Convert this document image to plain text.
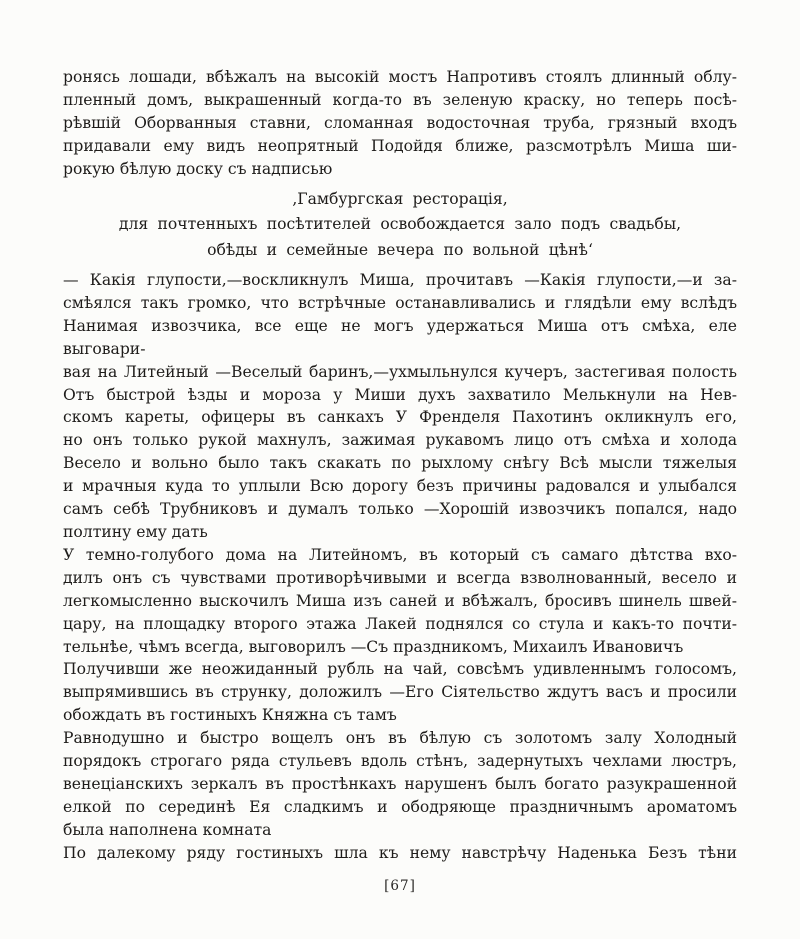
ронясь лошади, вбѣжалъ на высокій мостъ Напротивъ стоялъ длинный облу-
пленный домъ, выкрашенный когда-то въ зеленую краску, но теперь посѣ-
рѣвшій Оборванныя ставни, сломанная водосточная труба, грязный входъ
придавали ему видъ неопрятный Подойдя ближе, разсмотрѣлъ Миша ши-
рокую бѣлую доску съ надписью
‚Гамбургская ресторація,
для почтенныхъ посѣтителей освобождается зало подъ свадьбы,
обѣды и семейные вечера по вольной цѣнѣ‘
— Какія глупости,—воскликнулъ Миша, прочитавъ —Какія глупости,—и за-
смѣялся такъ громко, что встрѣчные останавливались и глядѣли ему вслѣдъ
Нанимая извозчика, все еще не могъ удержаться Миша отъ смѣха, еле выговари-
вая на Литейный —Веселый баринъ,—ухмыльнулся кучеръ, застегивая полость
Отъ быстрой ѣзды и мороза у Миши духъ захватило Мелькнули на Нев-
скомъ кареты, офицеры въ санкахъ У Френделя Пахотинъ окликнулъ его,
но онъ только рукой махнулъ, зажимая рукавомъ лицо отъ смѣха и холода
Весело и вольно было такъ скакать по рыхлому снѣгу Всѣ мысли тяжелыя
и мрачныя куда то уплыли Всю дорогу безъ причины радовался и улыбался
самъ себѣ Трубниковъ и думалъ только —Хорошій извозчикъ попался, надо
полтину ему дать
У темно-голубого дома на Литейномъ, въ который съ самаго дѣтства вхо-
дилъ онъ съ чувствами противорѣчивыми и всегда взволнованный, весело и
легкомысленно выскочилъ Миша изъ саней и вбѣжалъ, бросивъ шинель швей-
цару, на площадку второго этажа Лакей поднялся со стула и какъ-то почти-
тельнѣе, чѣмъ всегда, выговорилъ —Съ праздникомъ, Михаилъ Ивановичъ
Получивши же неожиданный рубль на чай, совсѣмъ удивленнымъ голосомъ,
выпрямившись въ струнку, доложилъ —Его Сіятельство ждутъ васъ и просили
обождать въ гостиныхъ Княжна съ тамъ
Равнодушно и быстро вощелъ онъ въ бѣлую съ золотомъ залу Холодный
порядокъ строгаго ряда стульевъ вдоль стѣнъ, задернутыхъ чехлами люстръ,
венеціанскихъ зеркалъ въ простѣнкахъ нарушенъ былъ богато разукрашенной
елкой по серединѣ Ея сладкимъ и ободряюще праздничнымъ ароматомъ
была наполнена комната
По далекому ряду гостиныхъ шла къ нему навстрѣчу Наденька Безъ тѣни
[67]
